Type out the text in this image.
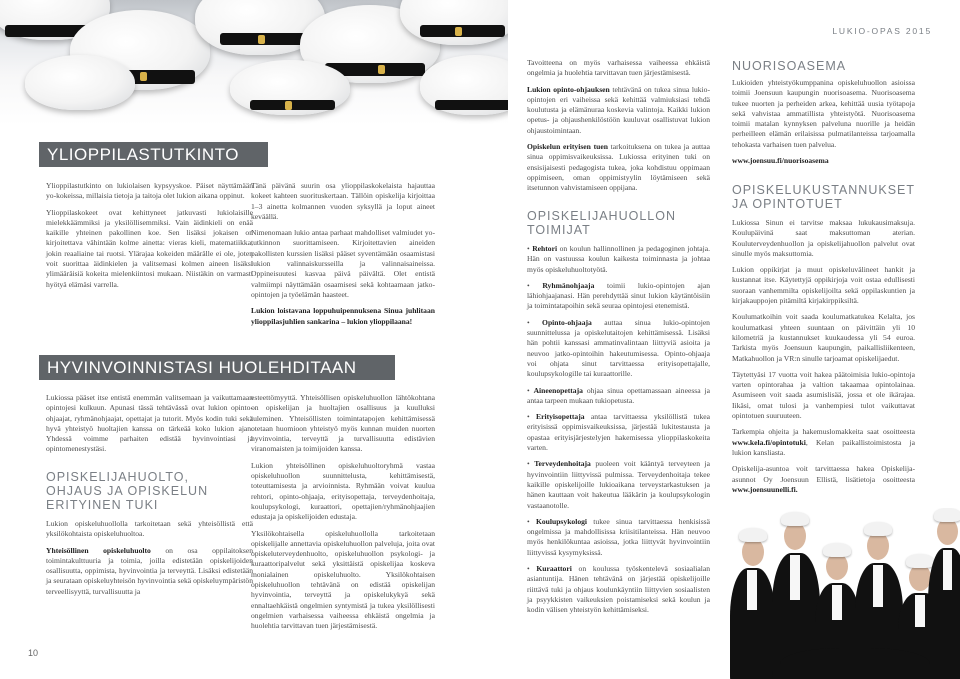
LUKIO-OPAS 2015
YLIOPPILASTUTKINTO

Ylioppilastutkinto on lukiolaisen kypsyyskoe. Päiset näyttämään yo-kokeissa, millaisia tietoja ja taitoja olet lukion aikana oppinut.

Ylioppilaskokeet ovat kehittyneet jatkuvasti lukiolaisille mielekkäämmiksi ja yksilöllisemmiksi. Vain äidinkieli on enää kaikille yhteinen pakollinen koe. Sen lisäksi jokaisen on kirjoitettava vähintään kolme ainetta: vieras kieli, matematiikka, jokin reaaliaine tai ruotsi. Ylärajaa kokeiden määrälle ei ole, joten voit suorittaa äidinkielen ja valitsemasi kolmen aineen lisäksi ylimääräisiä kokeita mielenkiintosi mukaan. Niistäkin on varmasti hyötyä elämäsi varrella.

Tänä päivänä suurin osa ylioppilaskokelaista hajauttaa kokeet kahteen suorituskertaan. Tällöin opiskelija kirjoittaa 1–3 ainetta kolmannen vuoden syksyllä ja loput aineet keväällä.

Nimenomaan lukio antaa parhaat mahdolliset valmiudet yo-tutkinnon suorittamiseen. Kirjoitettavien aineiden pakollisten kurssien lisäksi pääset syventämään osaamistasi lukion valinnaiskursseilla ja valinnaisaineissa. Oppineisuutesi kasvaa päivä päivältä. Olet entistä valmiimpi näyttämään osaamisesi sekä kohtaamaan jatko-opintojen ja työelämän haasteet.

Lukion loistavana loppuhuipennuksena Sinua juhlitaan ylioppilasjuhlien sankarina – lukion ylioppilaana!

HYVINVOINNISTASI HUOLEHDITAAN

Lukiossa pääset itse entistä enemmän valitsemaan ja vaikuttamaan opintojesi kulkuun. Apunasi tässä tehtävässä ovat lukion opinto-ohjaajat, ryhmänohjaajat, opettajat ja tutorit. Myös kodin tuki sekä hyvä yhteistyö huoltajien kanssa on tärkeää koko lukion ajan. Yhdessä voimme parhaiten edistää hyvinvointiasi ja opintomenestystäsi.

OPISKELIJAHUOLTO, OHJAUS JA OPISKELUN ERITYINEN TUKI

Lukion opiskeluhuollolla tarkoitetaan sekä yhteisöllistä että yksilökohtaista opiskeluhuoltoa.

Yhteisöllinen opiskeluhuolto on osa oppilaitoksen toimintakulttuuria ja toimia, joilla edistetään opiskelijoiden osallisuutta, oppimista, hyvinvointia ja terveyttä. Lisäksi edistetään ja seurataan opiskeluyhteisön hyvinvointia sekä opiskeluympäristön terveellisyyttä, turvallisuutta ja

esteettömyyttä. Yhteisöllisen opiskeluhuollon lähtökohtana on opiskelijan ja huoltajien osallisuus ja kuulluksi tuleminen. Yhteisöllisten toimintatapojen kehittämisessä otetaan huomioon yhteistyö myös kunnan muiden nuorten hyvinvointia, terveyttä ja turvallisuutta edistävien viranomaisten ja toimijoiden kanssa.

Lukion yhteisöllinen opiskeluhuoltoryhmä vastaa opiskeluhuollon suunnittelusta, kehittämisestä, toteuttamisesta ja arvioinnista. Ryhmään voivat kuulua rehtori, opinto-ohjaaja, erityisopettaja, terveydenhoitaja, koulupsykologi, kuraattori, opettajien/ryhmänohjaajien edustaja ja opiskelijoiden edustaja.

Yksilökohtaisella opiskeluhuollolla tarkoitetaan opiskelijalle annettavia opiskeluhuollon palveluja, joita ovat opiskeluterveydenhuolto, opiskeluhuollon psykologi- ja kuraattoripalvelut sekä yksittäistä opiskelijaa koskeva monialainen opiskeluhuolto. Yksilökohtaisen opiskeluhuollon tehtävänä on edistää opiskelijan hyvinvointia, terveyttä ja opiskelukykyä sekä ennaltaehkäistä ongelmien syntymistä ja tukea yksilöllisesti ongelmien varhaisessa vaiheessa ehkäistä ongelmia ja huolehtia tarvittavan tuen järjestämisestä.

10

Tavoitteena on myös varhaisessa vaiheessa ehkäistä ongelmia ja huolehtia tarvittavan tuen järjestämisestä.

Lukion opinto-ohjauksen tehtävänä on tukea sinua lukio-opintojen eri vaiheissa sekä kehittää valmiuksiasi tehdä koulutusta ja elämänuraa koskevia valintoja. Kaikki lukion opetus- ja ohjaushenkilöstöön kuuluvat osallistuvat lukion ohjaustoimintaan.

Opiskelun erityisen tuen tarkoituksena on tukea ja auttaa sinua oppimisvaikeuksissa. Lukiossa erityinen tuki on ensisijaisesti pedagogista tukea, joka kohdistuu oppimaan oppimiseen, oman oppimistyylin löytämiseen sekä itsetunnon vahvistamiseen oppijana.

OPISKELIJAHUOLLON TOIMIJAT

• Rehtori on koulun hallinnollinen ja pedagoginen johtaja. Hän on vastuussa koulun kaikesta toiminnasta ja johtaa myös opiskeluhuoltotyötä.

• Ryhmänohjaaja toimii lukio-opintojen ajan lähiohjaajanasi. Hän perehdyttää sinut lukion käytäntöisiin ja toimintatapoihin sekä seuraa opintojesi etenemistä.

• Opinto-ohjaaja auttaa sinua lukio-opintojen suunnittelussa ja opiskelutaitojen kehittämisessä. Lisäksi hän pohtii kanssasi ammatinvalintaan liittyviä asioita ja neuvoo jatko-opintoihin hakeutumisessa. Opinto-ohjaaja voi ohjata sinut tarvittaessa erityisopettajalle, koulupsykologille tai kuraattorille.

• Aineenopettaja ohjaa sinua opettamassaan aineessa ja antaa tarpeen mukaan tukiopetusta.

• Erityisopettaja antaa tarvittaessa yksilöllistä tukea erityisissä oppimisvaikeuksissa, järjestää lukitestausta ja opastaa erityisjärjestelyjen hakemisessa ylioppilaskokeita varten.

• Terveydenhoitaja puoleen voit kääntyä terveyteen ja hyvinvointiin liittyvissä pulmissa. Terveydenhoitaja tekee kaikille opiskelijoille lukioaikana terveystarkastuksen ja hänen kauttaan voit hakeutua lääkärin ja koulupsykologin vastaanotolle.

• Koulupsykologi tukee sinua tarvittaessa henkisissä ongelmissa ja mahdollisissa kriisitilanteissa. Hän neuvoo myös henkilökuntaa asioissa, jotka liittyvät hyvinvointiin liittyvissä kysymyksissä.

• Kuraattori on koulussa työskentelevä sosiaalialan asiantuntija. Hänen tehtävänä on järjestää opiskelijoille riittävä tuki ja ohjaus koulunkäyntiin liittyvien sosiaalisten ja psyykkisten vaikeuksien poistamiseksi sekä koulun ja kodin välisen yhteistyön kehittämiseksi.

NUORISOASEMA

Lukioiden yhteistyökumppanina opiskeluhuollon asioissa toimii Joensuun kaupungin nuorisoasema. Nuorisoasema tukee nuorten ja perheiden arkea, kehittää uusia työtapoja sekä vahvistaa ammatillista yhteistyötä. Nuorisoasema toimii matalan kynnyksen palveluna nuorille ja heidän perheilleen elämän erilaisissa pulmatilanteissa tarjoamalla tehokasta varhaisen tuen palvelua.

www.joensuu.fi/nuorisoasema

OPISKELUKUSTANNUKSET JA OPINTOTUET

Lukiossa Sinun ei tarvitse maksaa lukukausimaksuja. Koulupäivinä saat maksuttoman aterian. Kouluterveydenhuollon ja opiskelijahuollon palvelut ovat sinulle myös maksuttomia.

Lukion oppikirjat ja muut opiskeluvälineet hankit ja kustannat itse. Käytettyjä oppikirjoja voit ostaa edullisesti suoraan vanhemmilta opiskelijoilta sekä oppilaskuntien ja kirjakauppojen pitämiltä kirjakirppiksiltä.

Koulumatkoihin voit saada koulumatkatukea Kelalta, jos koulumatkasi yhteen suuntaan on päivittäin yli 10 kilometriä ja kustannukset kuukaudessa yli 54 euroa. Tarkista myös Joensuun kaupungin, paikallisliikenteen, Matkahuollon ja VR:n sinulle tarjoamat opiskelijaedut.

Täytettyäsi 17 vuotta voit hakea päätoimisia lukio-opintoja varten opintorahaa ja valtion takaamaa opintolainaa. Asumiseen voit saada asumislisää, jossa et ole ikärajaa. Iikäsi, omat tulosi ja vanhempiesi tulot vaikuttavat opintotuen suuruuteen.

Tarkempia ohjeita ja hakemuslomakkeita saat osoitteesta www.kela.fi/opintotuki, Kelan paikallistoimistosta ja lukion kansliasta.

Opiskelija-asuntoa voit tarvittaessa hakea Opiskelija-asunnot Oy Joensuun Ellistä, lisätietoja osoitteesta www.joensuunelli.fi.
